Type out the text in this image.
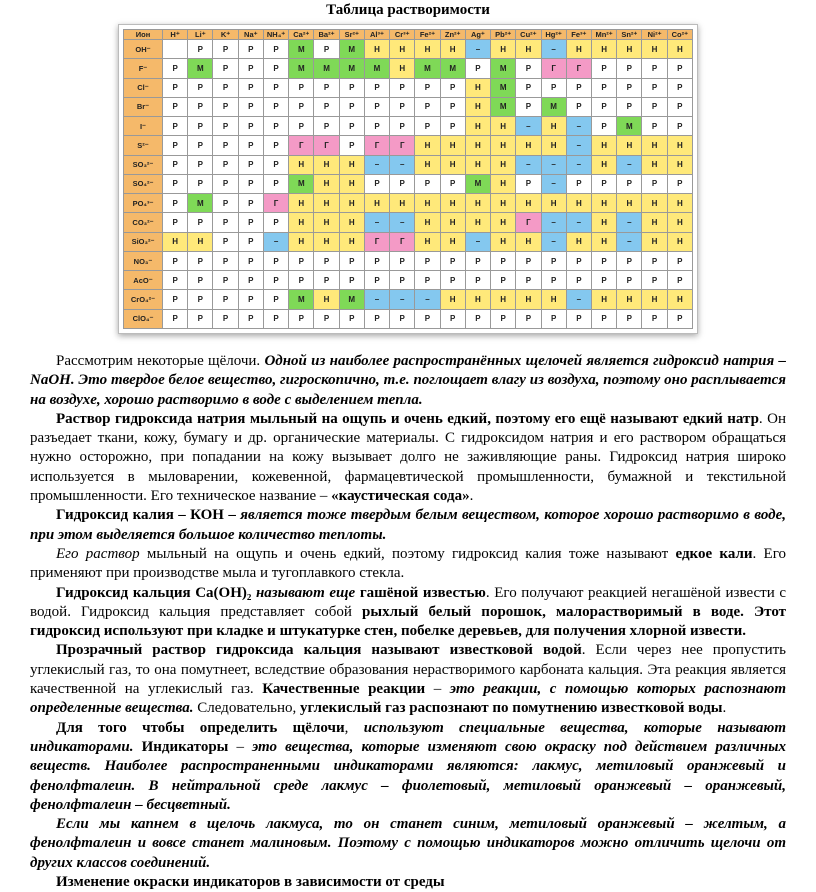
Таблица растворимости
Ион	H⁺	Li⁺	K⁺	Na⁺	NH₄⁺	Ca²⁺	Ba²⁺	Sr²⁺	Al³⁺	Cr³⁺	Fe²⁺	Zn²⁺	Ag⁺	Pb²⁺	Cu²⁺	Hg²⁺	Fe³⁺	Mn²⁺	Sn²⁺	Ni²⁺	Co²⁺
OH⁻		Р	Р	Р	Р	М	Р	М	Н	Н	Н	Н	–	Н	Н	–	Н	Н	Н	Н	Н
F⁻	Р	М	Р	Р	Р	М	М	М	М	Н	М	М	Р	М	Р	Г	Г	Р	Р	Р	Р
Cl⁻	Р	Р	Р	Р	Р	Р	Р	Р	Р	Р	Р	Р	Н	М	Р	Р	Р	Р	Р	Р	Р
Br⁻	Р	Р	Р	Р	Р	Р	Р	Р	Р	Р	Р	Р	Н	М	Р	М	Р	Р	Р	Р	Р
I⁻	Р	Р	Р	Р	Р	Р	Р	Р	Р	Р	Р	Р	Н	Н	–	Н	–	Р	М	Р	Р
S²⁻	Р	Р	Р	Р	Р	Г	Г	Р	Г	Г	Н	Н	Н	Н	Н	Н	–	Н	Н	Н	Н
SO₃²⁻	Р	Р	Р	Р	Р	Н	Н	Н	–	–	Н	Н	Н	Н	–	–	–	Н	–	Н	Н
SO₄²⁻	Р	Р	Р	Р	Р	М	Н	Н	Р	Р	Р	Р	М	Н	Р	–	Р	Р	Р	Р	Р
PO₄³⁻	Р	М	Р	Р	Г	Н	Н	Н	Н	Н	Н	Н	Н	Н	Н	Н	Н	Н	Н	Н	Н
CO₃²⁻	Р	Р	Р	Р	Р	Н	Н	Н	–	–	Н	Н	Н	Н	Г	–	–	Н	–	Н	Н
SiO₃²⁻	Н	Н	Р	Р	–	Н	Н	Н	Г	Г	Н	Н	–	Н	Н	–	Н	Н	–	Н	Н
NO₃⁻	Р	Р	Р	Р	Р	Р	Р	Р	Р	Р	Р	Р	Р	Р	Р	Р	Р	Р	Р	Р	Р
AcO⁻	Р	Р	Р	Р	Р	Р	Р	Р	Р	Р	Р	Р	Р	Р	Р	Р	Р	Р	Р	Р	Р
CrO₄²⁻	Р	Р	Р	Р	Р	М	Н	М	–	–	–	Н	Н	Н	Н	Н	–	Н	Н	Н	Н
ClO₄⁻	Р	Р	Р	Р	Р	Р	Р	Р	Р	Р	Р	Р	Р	Р	Р	Р	Р	Р	Р	Р	Р

Рассмотрим некоторые щёлочи. Одной из наиболее распространённых щелочей является гидроксид натрия – NaOH. Это твердое белое вещество, гигроскопично, т.е. поглощает влагу из воздуха, поэтому оно расплывается на воздухе, хорошо растворимо в воде с выделением тепла.

Раствор гидроксида натрия мыльный на ощупь и очень едкий, поэтому его ещё называют едкий натр. Он разъедает ткани, кожу, бумагу и др. органические материалы. С гидроксидом натрия и его раствором обращаться нужно осторожно, при попадании на кожу вызывает долго не заживляющие раны. Гидроксид натрия широко используется в мыловарении, кожевенной, фармацевтической промышленности, бумажной и текстильной промышленности. Его техническое название – «каустическая сода».

Гидроксид калия – КОН – является тоже твердым белым веществом, которое хорошо растворимо в воде, при этом выделяется большое количество теплоты.

Его раствор мыльный на ощупь и очень едкий, поэтому гидроксид калия тоже называют едкое кали. Его применяют при производстве мыла и тугоплавкого стекла.

Гидроксид кальция Са(ОН)₂ называют еще гашёной известью. Его получают реакцией негашёной извести с водой. Гидроксид кальция представляет собой рыхлый белый порошок, малорастворимый в воде. Этот гидроксид используют при кладке и штукатурке стен, побелке деревьев, для получения хлорной извести.

Прозрачный раствор гидроксида кальция называют известковой водой. Если через нее пропустить углекислый газ, то она помутнеет, вследствие образования нерастворимого карбоната кальция. Эта реакция является качественной на углекислый газ. Качественные реакции – это реакции, с помощью которых распознают определенные вещества. Следовательно, углекислый газ распознают по помутнению известковой воды.

Для того чтобы определить щёлочи, используют специальные вещества, которые называют индикаторами. Индикаторы – это вещества, которые изменяют свою окраску под действием различных веществ. Наиболее распространенными индикаторами являются: лакмус, метиловый оранжевый и фенолфталеин. В нейтральной среде лакмус – фиолетовый, метиловый оранжевый – оранжевый, фенолфталеин – бесцветный.

Если мы капнем в щелочь лакмуса, то он станет синим, метиловый оранжевый – желтым, а фенолфталеин и вовсе станет малиновым. Поэтому с помощью индикаторов можно отличить щелочи от других классов соединений.

Изменение окраски индикаторов в зависимости от среды
